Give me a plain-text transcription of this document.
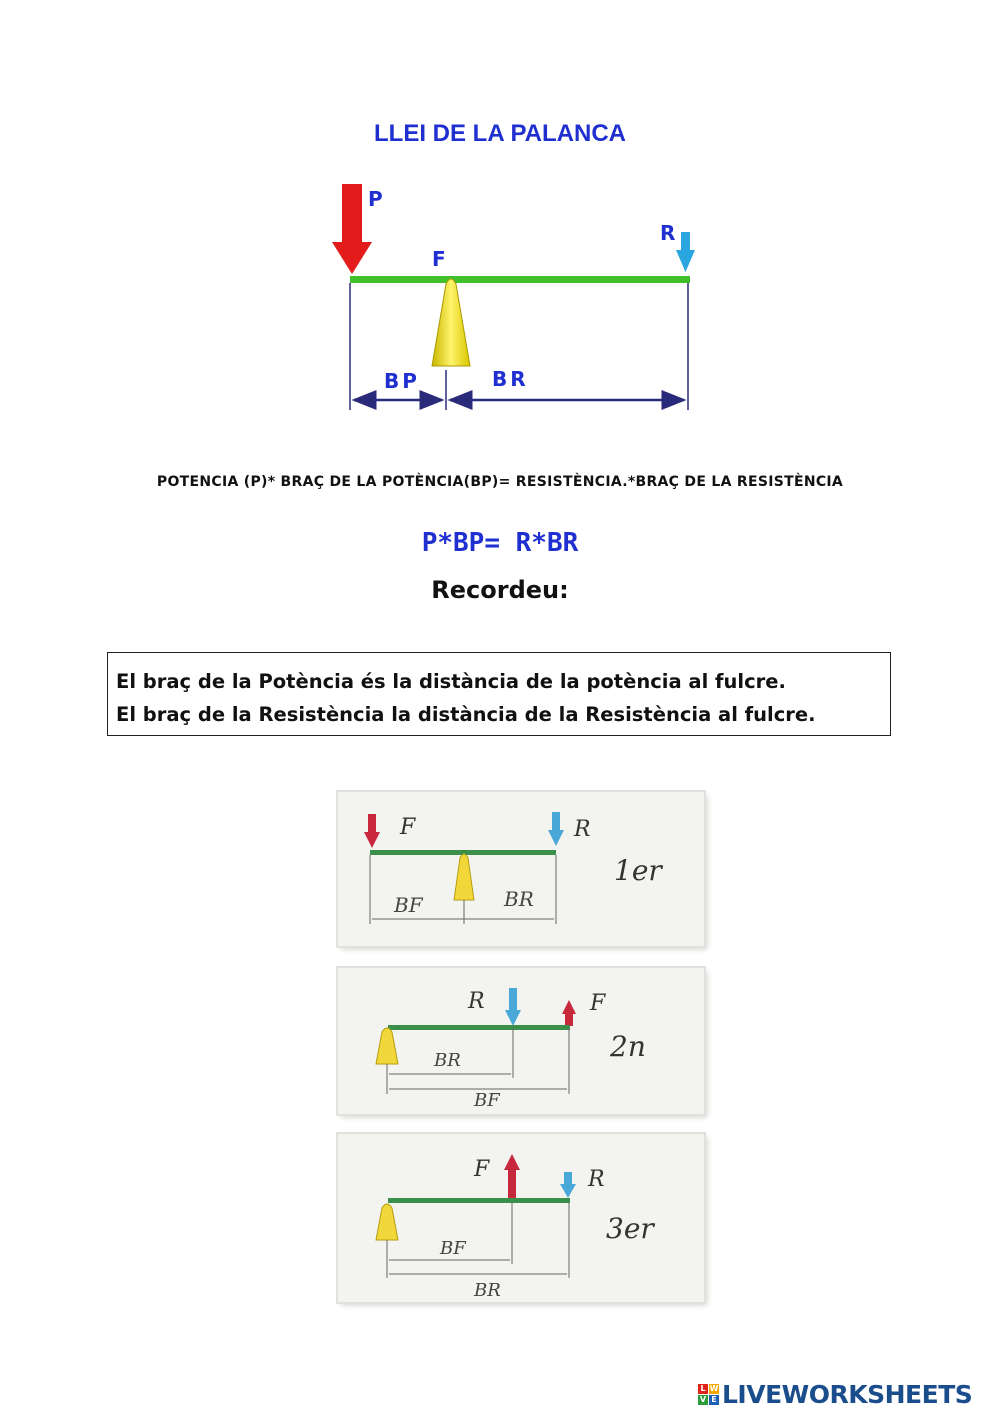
LLEI DE LA PALANCA
P
F
R
BP	BR
POTENCIA (P)* BRAÇ DE LA POTÈNCIA(BP)= RESISTÈNCIA.*BRAÇ DE LA RESISTÈNCIA
P*BP= R*BR
Recordeu:
El braç de la Potència és la distància de la potència al fulcre.
El braç de la Resistència la distància de la Resistència al fulcre.
F	R
BF	BR
1er
R	F
BR
BF
2n
F	R
BF
BR
3er
L W
V E LIVEWORKSHEETS
